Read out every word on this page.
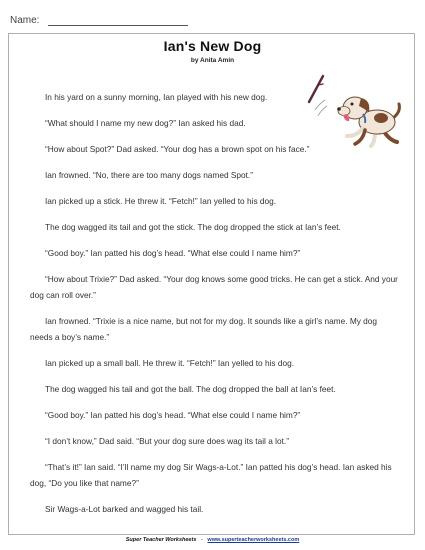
Name:
Ian's New Dog
by Anita Amin

In his yard on a sunny morning, Ian played with his new dog.

“What should I name my new dog?” Ian asked his dad.

“How about Spot?” Dad asked. “Your dog has a brown spot on his face.”

Ian frowned. “No, there are too many dogs named Spot.”

Ian picked up a stick. He threw it. “Fetch!” Ian yelled to his dog.

The dog wagged its tail and got the stick. The dog dropped the stick at Ian’s feet.

“Good boy.” Ian patted his dog’s head. “What else could I name him?”

“How about Trixie?” Dad asked. “Your dog knows some good tricks. He can get a stick. And your dog can roll over.”

Ian frowned. “Trixie is a nice name, but not for my dog. It sounds like a girl’s name. My dog needs a boy’s name.”

Ian picked up a small ball. He threw it. “Fetch!” Ian yelled to his dog.

The dog wagged his tail and got the ball. The dog dropped the ball at Ian’s feet.

“Good boy.” Ian patted his dog’s head. “What else could I name him?”

“I don’t know,” Dad said. “But your dog sure does wag its tail a lot.”

“That’s it!” Ian said. “I’ll name my dog Sir Wags-a-Lot.” Ian patted his dog’s head. Ian asked his dog, “Do you like that name?”

Sir Wags-a-Lot barked and wagged his tail.

Super Teacher Worksheets - www.superteacherworksheets.com
